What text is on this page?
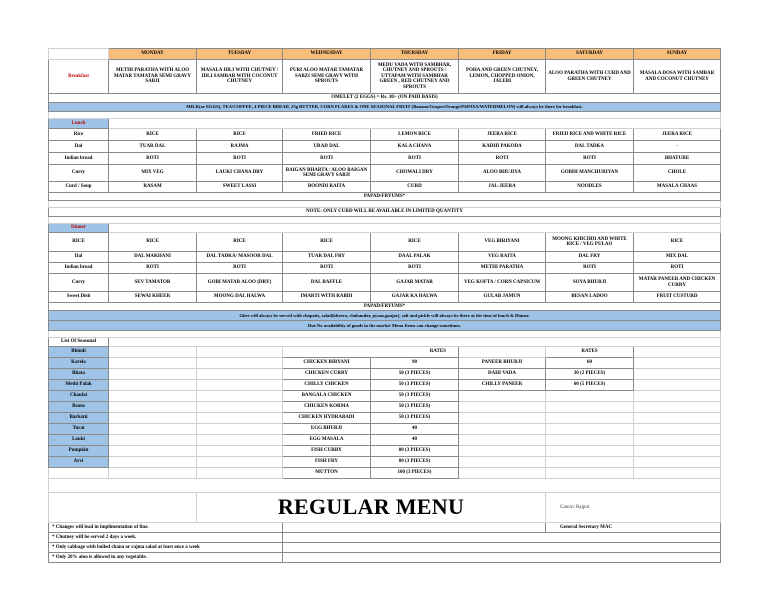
	MONDAY	TUESDAY	WEDNESDAY	THURSDAY	FRIDAY	SATURDAY	SUNDAY
Breakfast	METHI PARATHA WITH ALOO MATAR TAMATAR SEMI GRAVY SABJI	MASALA IDLI WITH CHUTNEY / IDLI SAMBAR WITH COCONUT CHUTNEY	PURI ALOO MATAR TAMATAR SABZI SEMI GRAVY WITH SPROUTS	MEDU VADA WITH SAMBHAR, CHUTNEY AND SPROUTS / UTTAPAM WITH SAMBHAR GREEN , RED CHUTNEY AND SPROUTS	POHA AND GREEN CHUTNEY, LEMON, CHOPPED ONION, JALEBI	ALOO PARATHA WITH CURD AND GREEN CHUTNEY	MASALA DOSA WITH SAMBAR AND COCONUT CHUTNEY
OMELET (2 EGGS) = Rs. 30/- (ON PAID BASIS)							
MILK(or EGGS), TEA/COFFEE, 4 PIECE BREAD, 25g BUTTER, CORN FLAKES & ONE SEASONAL FRUIT (Banana/Grapes/Orange/PAPAYA/WATERMELON) will always be there for breakfast.							

Lunch							
Rice	RICE	RICE	FRIED RICE	LEMON RICE	JEERA RICE	FRIED RICE AND WHITE RICE	JEERA RICE
Dal	TUAR DAL	RAJMA	URAD DAL	KALA CHANA	KADHI PAKODA	DAL TADKA	-
Indian bread	ROTI	ROTI	ROTI	ROTI	ROTI	ROTI	BHATURE
Curry	MIX VEG	LAUKI CHANA DRY	BAIGAN BHARTA / ALOO BAIGAN SEMI GRAVY SABJI	CHOWALI DRY	ALOO BHUJIYA	GOBHI MANCHURIYAN	CHOLE
Curd / Soup	RASAM	SWEET LASSI	BOONDI RAITA	CURD	JAL-JEERA	NOODLES	MASALA CHAAS
PAPAD/FRYUMS*							

NOTE: ONLY CURD WILL BE AVAILABLE IN LIMITED QUANTITY							

Dinner							
RICE	RICE	RICE	RICE	RICE	VEG BIRIYANI	MOONG KHICHDI AND WHITE RICE / VEG PULAO	RICE
Dal	DAL MAKHANI	DAL TADKA/ MASOOR DAL	TUAR DAL FRY	DAAL PALAK	VEG RAITA	DAL FRY	MIX DAL
Indian bread	ROTI	ROTI	ROTI	ROTI	METHI PARATHA	ROTI	ROTI
Curry	SEV TAMATOR	GOBI MATAR ALOO (DRY)	DAL BAFFLE	GAJAR MATAR	VEG KOFTA / CORN CAPSICUM	SOYA BHURJI	MATAR PANEER AND CHICKEN CURRY
Sweet Dish	SEWAI KHEER	MOONG DAL HALWA	IMARTI WITH RABDI	GAJAR KA HALWA	GULAB JAMUN	BESAN LADOO	FRUIT CUSTURD
PAPAD/FRYUMS*							
Ghee will always be served with chapatis, salad(kheera, chukandar, pyaaz,gaajar), salt and pickle will always be there at the time of lunch & Dinner.							
Due No availability of goods in the market Menu Items can change sometimes.							

List Of Seasonal							
Bhindi			RATES			RATES	
Karela			CHICKEN BIRYANI	90	PANEER BHURJI	60	
Bhata			CHICKEN CURRY	50 (3 PIECES)	DAHI VADA	30 (2 PIECES)	
Methi Palak			CHILLY CHICKEN	50 (3 PIECES)	CHILLY PANEER	60 (5 PIECES)	
Chaulai			BANGALA CHICKEN	50 (3 PIECES)			
Beans			CHICKEN KORMA	50 (3 PIECES)			
Barbatti			CHICKEN HYDRABADI	50 (3 PIECES)			
Turai			EGG BHURJI	40			
Lauki			EGG MASALA	40			
Pumpkin			FISH CURRY	80 (3 PIECES)			
Arvi			FISH FRY	80 (3 PIECES)			
			MUTTON	100 (3 PIECES)			

		REGULAR MENU				Gaurav Rajput	
* Changes will lead in implimentation of fine.						General Secretary MAC	
* Chutney will be served 2 days a week.							
* Only cabbage with boiled chana or rajma salad at least once a week							
* Only 20% aloo is allowed in any vegetable.							
